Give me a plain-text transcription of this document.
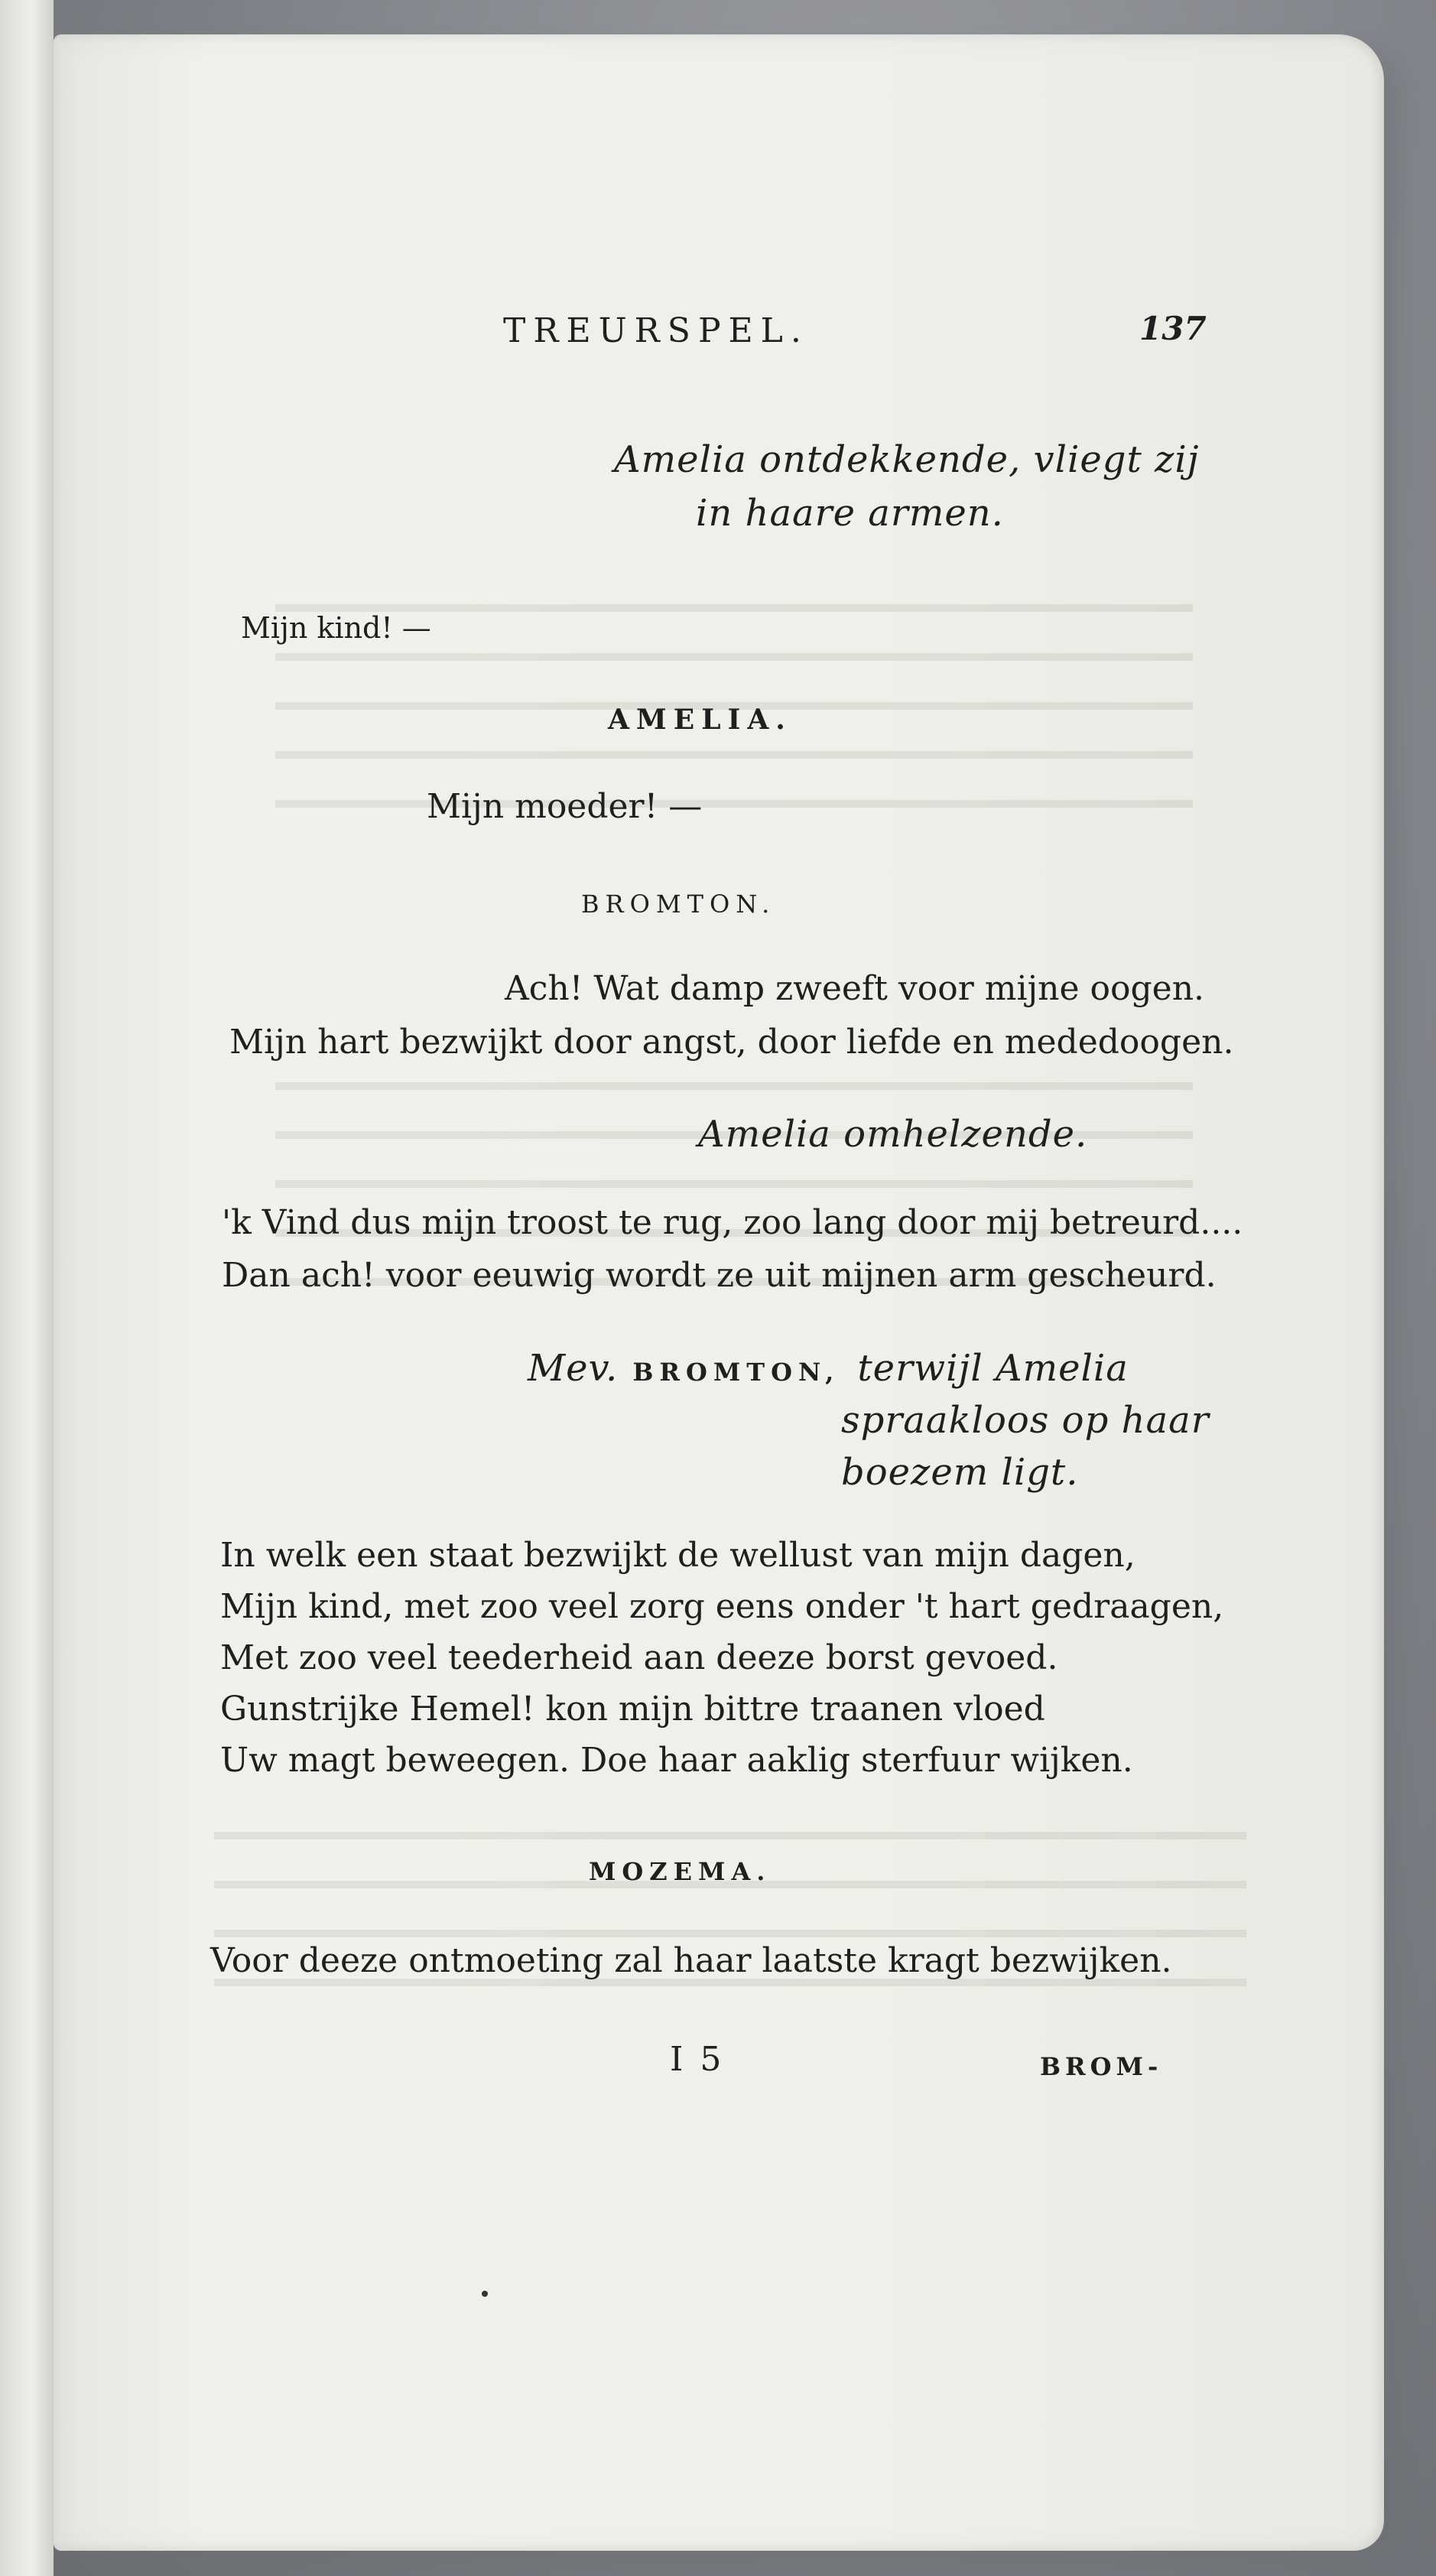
TREURSPEL.	137
Amelia ontdekkende, vliegt zij
in haare armen.
Mijn kind! —
AMELIA.
Mijn moeder! —
BROMTON.
Ach! Wat damp zweeft voor mijne oogen.
Mijn hart bezwijkt door angst, door liefde en mededoogen.
Amelia omhelzende.
'k Vind dus mijn troost te rug, zoo lang door mij betreurd....
Dan ach! voor eeuwig wordt ze uit mijnen arm gescheurd.
Mev. BROMTON, terwijl Amelia
spraakloos op haar
boezem ligt.
In welk een staat bezwijkt de wellust van mijn dagen,
Mijn kind, met zoo veel zorg eens onder 't hart gedraagen,
Met zoo veel teederheid aan deeze borst gevoed.
Gunstrijke Hemel! kon mijn bittre traanen vloed
Uw magt beweegen. Doe haar aaklig sterfuur wijken.
MOZEMA.
Voor deeze ontmoeting zal haar laatste kragt bezwijken.
I 5	BROM-
